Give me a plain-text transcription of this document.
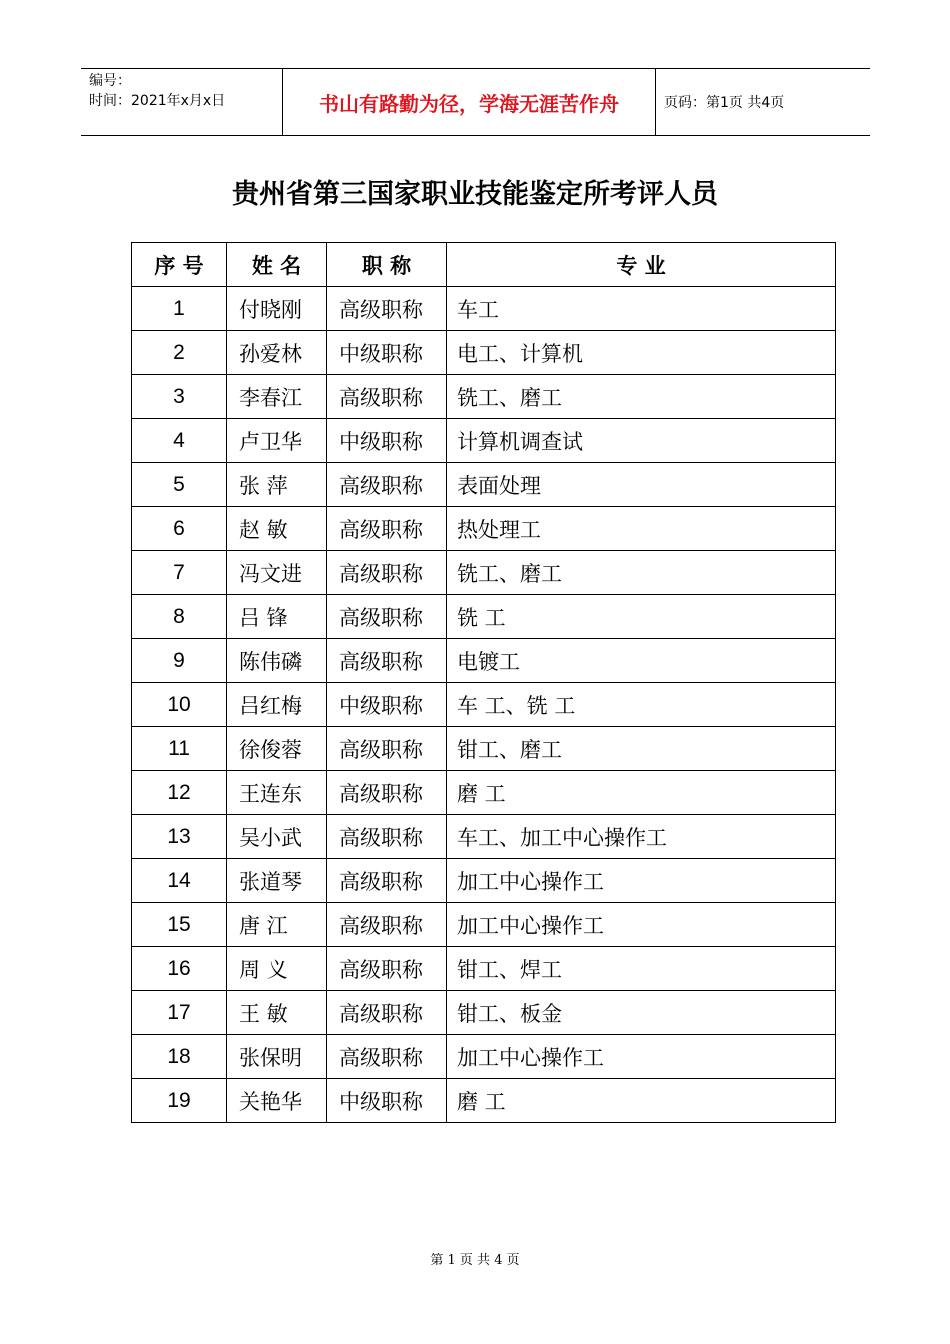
编号：
时间：2021年x月x日	书山有路勤为径，学海无涯苦作舟	页码：第1页 共4页
贵州省第三国家职业技能鉴定所考评人员
序 号	姓 名	职 称	专 业
1	付晓刚	高级职称	车工
2	孙爱林	中级职称	电工、计算机
3	李春江	高级职称	铣工、磨工
4	卢卫华	中级职称	计算机调查试
5	张 萍	高级职称	表面处理
6	赵 敏	高级职称	热处理工
7	冯文进	高级职称	铣工、磨工
8	吕 锋	高级职称	铣 工
9	陈伟磷	高级职称	电镀工
10	吕红梅	中级职称	车 工、铣 工
11	徐俊蓉	高级职称	钳工、磨工
12	王连东	高级职称	磨 工
13	吴小武	高级职称	车工、加工中心操作工
14	张道琴	高级职称	加工中心操作工
15	唐 江	高级职称	加工中心操作工
16	周 义	高级职称	钳工、焊工
17	王 敏	高级职称	钳工、板金
18	张保明	高级职称	加工中心操作工
19	关艳华	中级职称	磨 工
第 1 页 共 4 页
